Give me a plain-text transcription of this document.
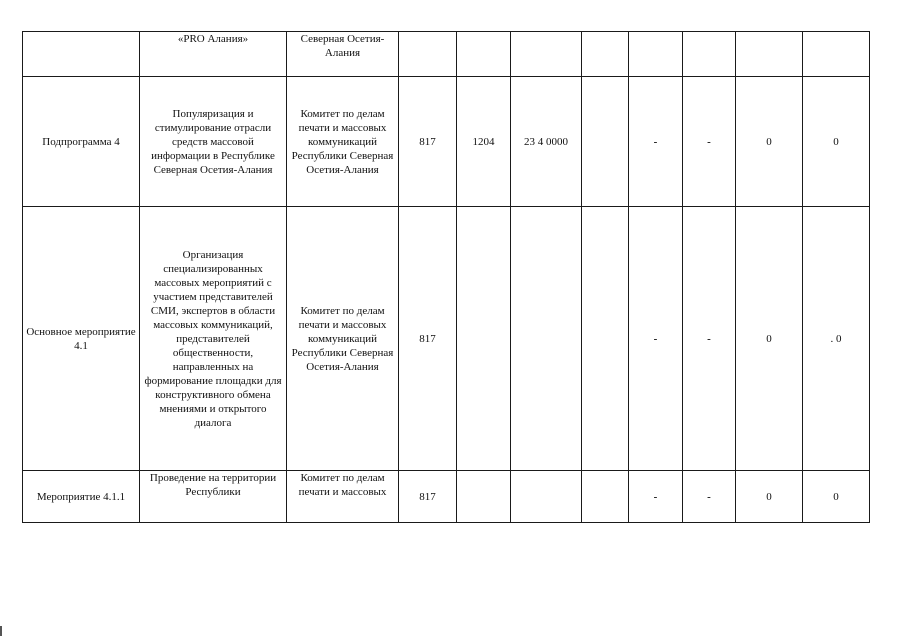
	«PRO Алания»	Северная Осетия-Алания								

Подпрограмма 4	Популяризация и стимулирование отрасли средств массовой информации в Республике Северная Осетия-Алания	Комитет по делам печати и массовых коммуникаций Республики Северная Осетия-Алания	817	1204	23 4 0000		-	-	0	0

Основное мероприятие 4.1	Организация специализированных массовых мероприятий с участием представителей СМИ, экспертов в области массовых коммуникаций, представителей общественности, направленных на формирование площадки для конструктивного обмена мнениями и открытого диалога	Комитет по делам печати и массовых коммуникаций Республики Северная Осетия-Алания	817				-	-	0	. 0

Мероприятие 4.1.1	Проведение на территории Республики	Комитет по делам печати и массовых	817				-	-	0	0
